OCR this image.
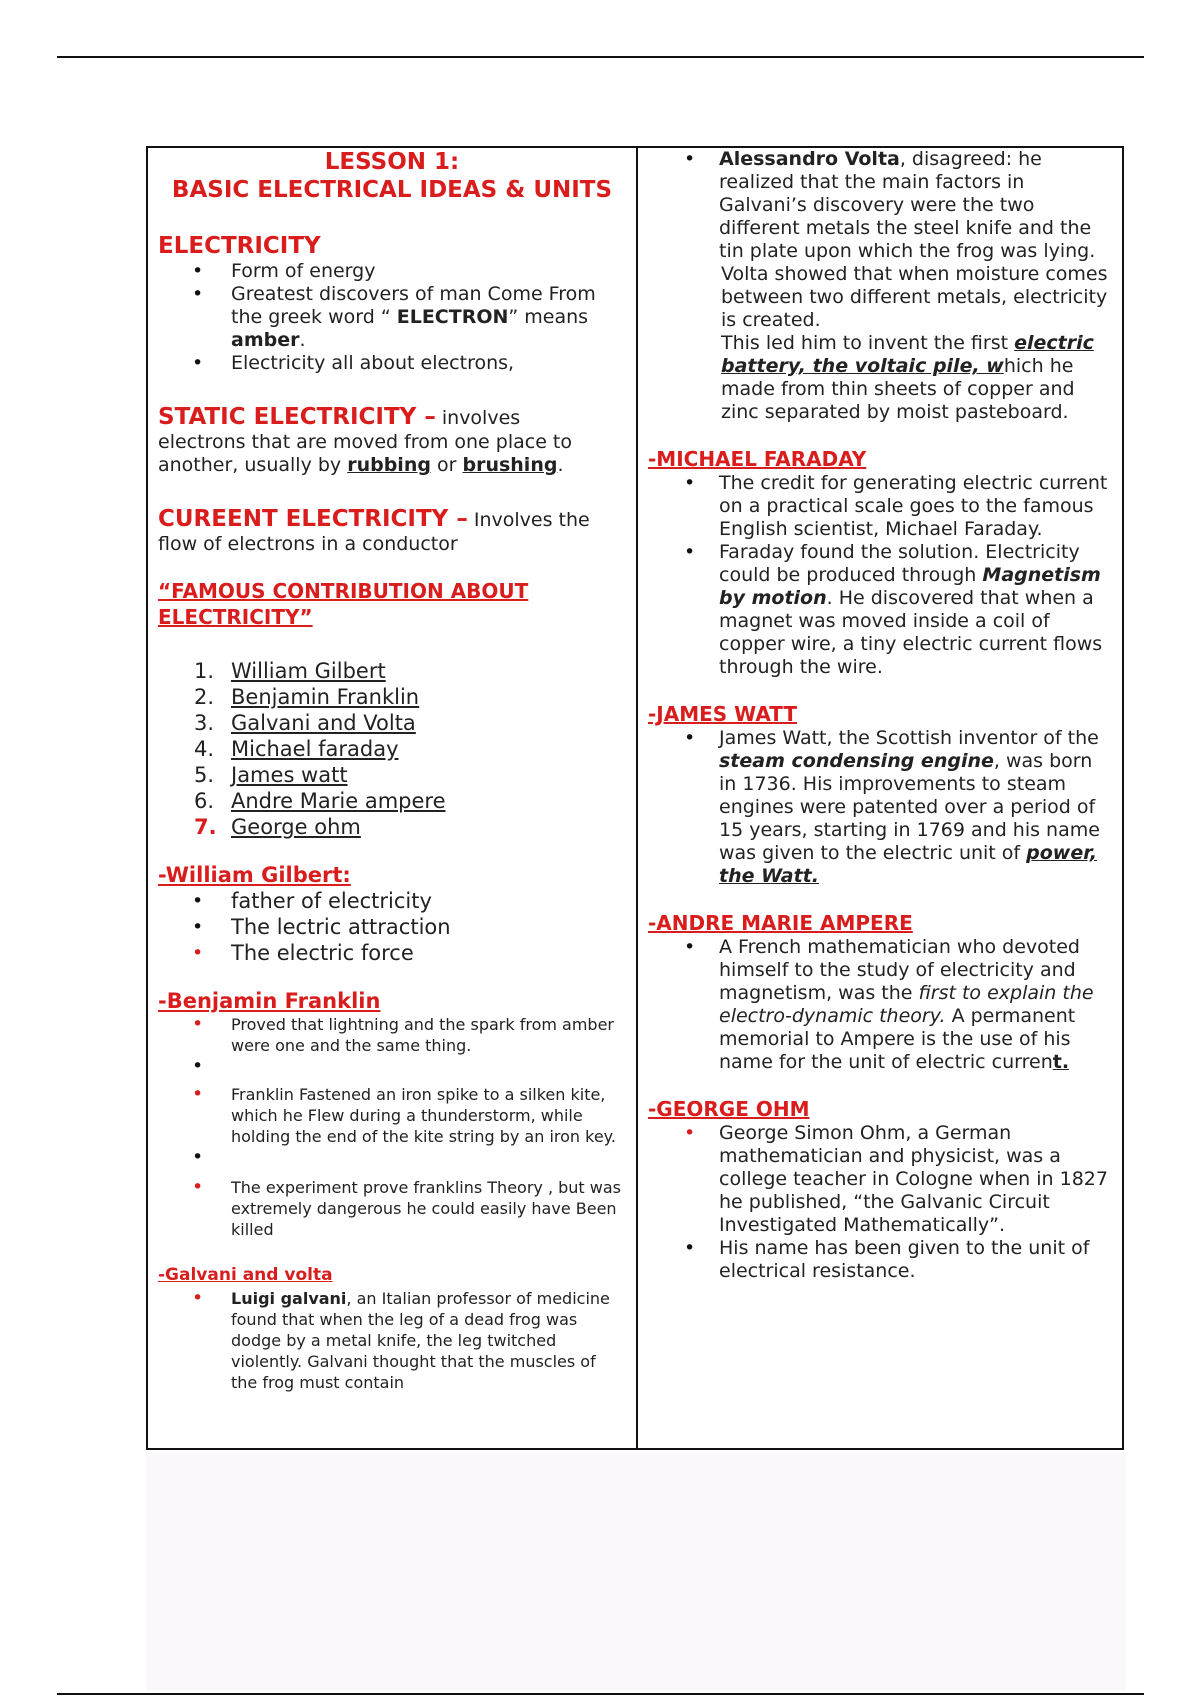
LESSON 1:
BASIC ELECTRICAL IDEAS & UNITS

ELECTRICITY

• Form of energy
• Greatest discovers of man Come From the greek word “ ELECTRON” means amber.
• Electricity all about electrons,

STATIC ELECTRICITY – involves
electrons that are moved from one place to another, usually by rubbing or brushing.

CUREENT ELECTRICITY – Involves the
flow of electrons in a conductor

“FAMOUS CONTRIBUTION ABOUT ELECTRICITY”

1. William Gilbert
2. Benjamin Franklin
3. Galvani and Volta
4. Michael faraday
5. James watt
6. Andre Marie ampere
7. George ohm

-William Gilbert:

• father of electricity
• The lectric attraction
• The electric force

-Benjamin Franklin

• Proved that lightning and the spark from amber were one and the same thing.
•
• Franklin Fastened an iron spike to a silken kite, which he Flew during a thunderstorm, while holding the end of the kite string by an iron key.
•
• The experiment prove franklins Theory , but was extremely dangerous he could easily have Been killed

-Galvani and volta

• Luigi galvani, an Italian professor of medicine found that when the leg of a dead frog was dodge by a metal knife, the leg twitched violently. Galvani thought that the muscles of the frog must contain
• Alessandro Volta, disagreed: he realized that the main factors in Galvani’s discovery were the two different metals the steel knife and the tin plate upon which the frog was lying.
Volta showed that when moisture comes between two different metals, electricity is created.
This led him to invent the first electric battery, the voltaic pile, which he made from thin sheets of copper and zinc separated by moist pasteboard.

-MICHAEL FARADAY

• The credit for generating electric current on a practical scale goes to the famous English scientist, Michael Faraday.
• Faraday found the solution. Electricity could be produced through Magnetism by motion. He discovered that when a magnet was moved inside a coil of copper wire, a tiny electric current flows through the wire.

-JAMES WATT

• James Watt, the Scottish inventor of the steam condensing engine, was born in 1736. His improvements to steam engines were patented over a period of 15 years, starting in 1769 and his name was given to the electric unit of power, the Watt.

-ANDRE MARIE AMPERE

• A French mathematician who devoted himself to the study of electricity and magnetism, was the first to explain the electro-dynamic theory. A permanent memorial to Ampere is the use of his name for the unit of electric current.

-GEORGE OHM

• George Simon Ohm, a German mathematician and physicist, was a college teacher in Cologne when in 1827 he published, “the Galvanic Circuit Investigated Mathematically”.
• His name has been given to the unit of electrical resistance.
